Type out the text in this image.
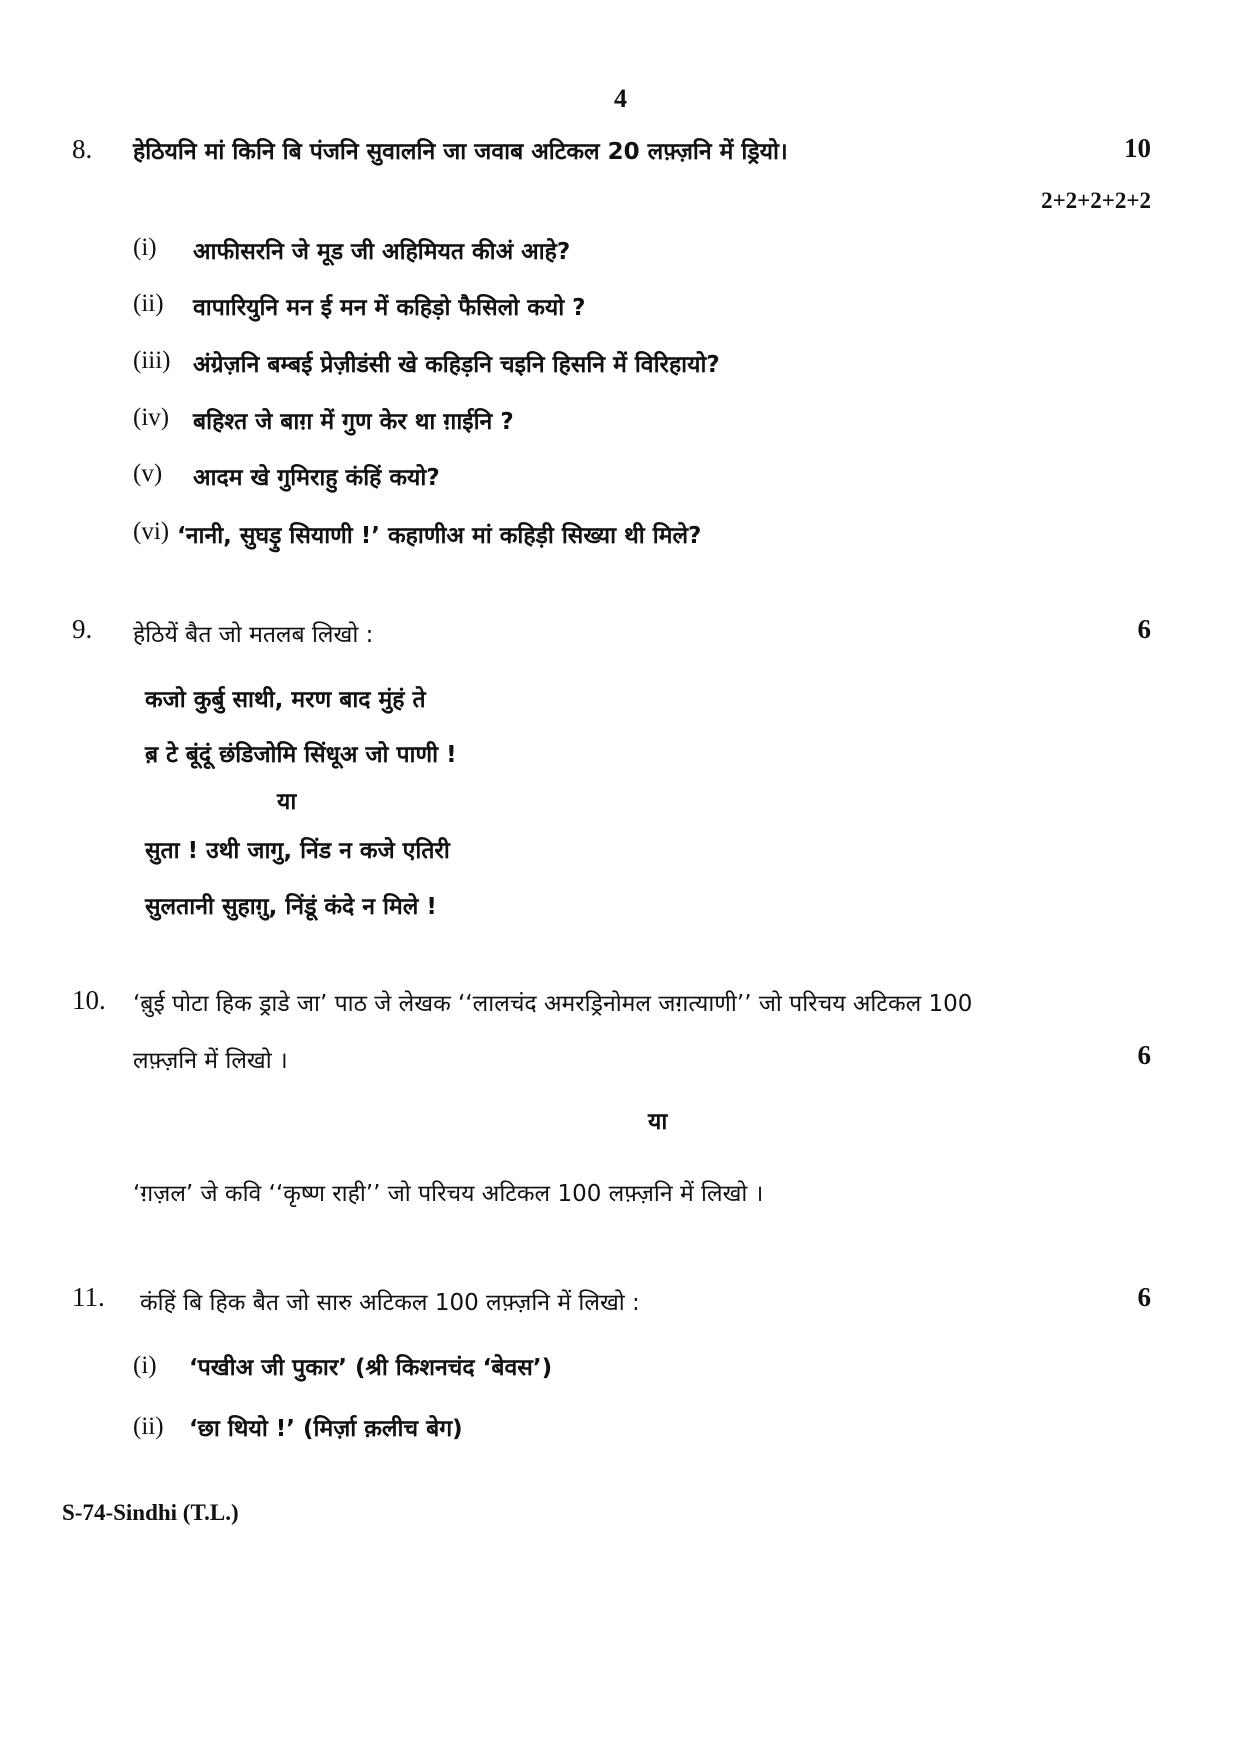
4
8. हेठियनि मां किनि बि पंजनि सुवालनि जा जवाब अटिकल 20 लफ़्ज़नि में ड्रियो।	10
2+2+2+2+2
(i) आफीसरनि जे मूड जी अहिमियत कीअं आहे?
(ii) वापारियुनि मन ई मन में कहिड़ो फैसिलो कयो ?
(iii) अंग्रेज़नि बम्बई प्रेज़ीडंसी खे कहिड़नि चइनि हिसनि में विरिहायो?
(iv) बहिश्त जे बाग़ में गुण केर था ग़ाईनि ?
(v) आदम खे गुमिराहु कंहिं कयो?
(vi) ‘नानी, सुघड़ु सियाणी !’ कहाणीअ मां कहिड़ी सिख्या थी मिले?
9. हेठियें बैत जो मतलब लिखो :	6
कजो कुर्बु साथी, मरण बाद मुंहं ते
ब़ टे बूंदूं छंडिजोमि सिंधूअ जो पाणी !
या
सुता ! उथी जागु, निंड न कजे एतिरी
सुलतानी सुहाग़ु, निंडूं कंदे न मिले !
10. ‘ब़ुई पोटा हिक ड्राडे जा’ पाठ जे लेखक ‘‘लालचंद अमरड्रिनोमल जग़त्याणी’’ जो परिचय अटिकल 100
लफ़्ज़नि में लिखो ।	6
या
‘ग़ज़ल’ जे कवि ‘‘कृष्ण राही’’ जो परिचय अटिकल 100 लफ़्ज़नि में लिखो ।
11. कंहिं बि हिक बैत जो सारु अटिकल 100 लफ़्ज़नि में लिखो :	6
(i) ‘पखीअ जी पुकार’ (श्री किशनचंद ‘बेवस’)
(ii) ‘छा थियो !’ (मिर्ज़ा क़लीच बेग)
S-74-Sindhi (T.L.)
